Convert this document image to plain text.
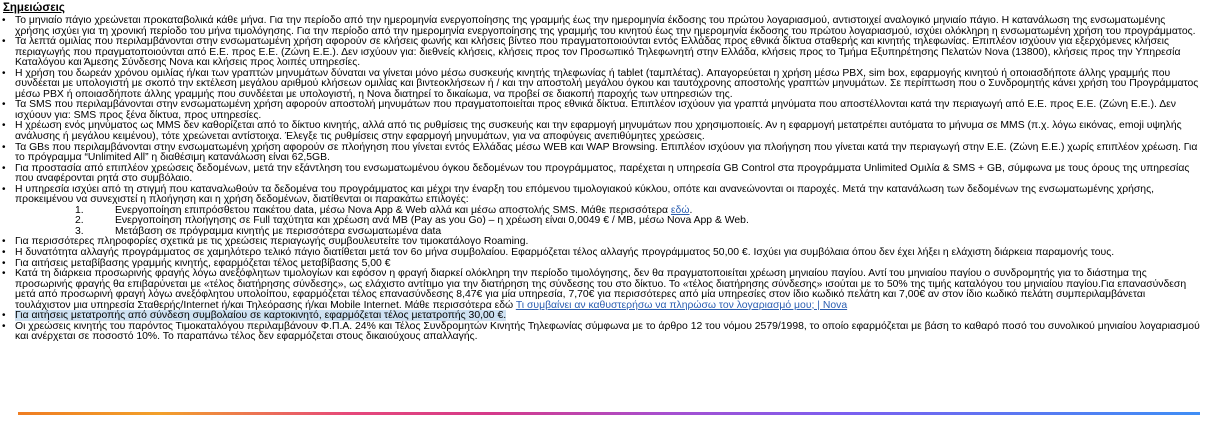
Σημειώσεις
• Το μηνιαίο πάγιο χρεώνεται προκαταβολικά κάθε μήνα. Για την περίοδο από την ημερομηνία ενεργοποίησης της γραμμής έως την ημερομηνία έκδοσης του πρώτου λογαριασμού, αντιστοιχεί αναλογικό μηνιαίο πάγιο. Η κατανάλωση της ενσωματωμένης χρήσης ισχύει για τη χρονική περίοδο του μήνα τιμολόγησης. Για την περίοδο από την ημερομηνία ενεργοποίησης της γραμμής του κινητού έως την ημερομηνία έκδοσης του πρώτου λογαριασμού, ισχύει ολόκληρη η ενσωματωμένη χρήση του προγράμματος.
• Τα λεπτά ομιλίας που περιλαμβάνονται στην ενσωματωμένη χρήση αφορούν σε κλήσεις φωνής και κλήσεις βίντεο που πραγματοποιούνται εντός Ελλάδας προς εθνικά δίκτυα σταθερής και κινητής τηλεφωνίας. Επιπλέον ισχύουν για εξερχόμενες κλήσεις περιαγωγής που πραγματοποιούνται από Ε.Ε. προς Ε.Ε. (Ζώνη Ε.Ε.). Δεν ισχύουν για: διεθνείς κλήσεις, κλήσεις προς τον Προσωπικό Τηλεφωνητή στην Ελλάδα, κλήσεις προς το Τμήμα Εξυπηρέτησης Πελατών Nova (13800), κλήσεις προς την Υπηρεσία Καταλόγου και Άμεσης Σύνδεσης Nova και κλήσεις προς λοιπές υπηρεσίες.
• Η χρήση του δωρεάν χρόνου ομιλίας ή/και των γραπτών μηνυμάτων δύναται να γίνεται μόνο μέσω συσκευής κινητής τηλεφωνίας ή tablet (ταμπλέτας). Απαγορεύεται η χρήση μέσω PBX, sim box, εφαρμογής κινητού ή οποιασδήποτε άλλης γραμμής που συνδέεται με υπολογιστή με σκοπό την εκτέλεση μεγάλου αριθμού κλήσεων ομιλίας και βιντεοκλήσεων ή / και την αποστολή μεγάλου όγκου και ταυτόχρονης αποστολής γραπτών μηνυμάτων. Σε περίπτωση που ο Συνδρομητής κάνει χρήση του Προγράμματος μέσω PBX ή οποιασδήποτε άλλης γραμμής που συνδέεται με υπολογιστή, η Nova διατηρεί το δικαίωμα, να προβεί σε διακοπή παροχής των υπηρεσιών της.
• Τα SMS που περιλαμβάνονται στην ενσωματωμένη χρήση αφορούν αποστολή μηνυμάτων που πραγματοποιείται προς εθνικά δίκτυα. Επιπλέον ισχύουν για γραπτά μηνύματα που αποστέλλονται κατά την περιαγωγή από Ε.Ε. προς Ε.Ε. (Ζώνη Ε.Ε.). Δεν ισχύουν για: SMS προς ξένα δίκτυα, προς υπηρεσίες.
• Η χρέωση ενός μηνύματος ως MMS δεν καθορίζεται από το δίκτυο κινητής, αλλά από τις ρυθμίσεις της συσκευής και την εφαρμογή μηνυμάτων που χρησιμοποιείς. Αν η εφαρμογή μετατρέπει αυτόματα το μήνυμα σε MMS (π.χ. λόγω εικόνας, emoji υψηλής ανάλυσης ή μεγάλου κειμένου), τότε χρεώνεται αντίστοιχα. Έλεγξε τις ρυθμίσεις στην εφαρμογή μηνυμάτων, για να αποφύγεις ανεπιθύμητες χρεώσεις.
• Τα GBs που περιλαμβάνονται στην ενσωματωμένη χρήση αφορούν σε πλοήγηση που γίνεται εντός Ελλάδας μέσω WEB και WAP Browsing. Επιπλέον ισχύουν για πλοήγηση που γίνεται κατά την περιαγωγή στην Ε.Ε. (Ζώνη Ε.Ε.) χωρίς επιπλέον χρέωση. Για το πρόγραμμα “Unlimited All” η διαθέσιμη κατανάλωση είναι 62,5GB.
• Για προστασία από επιπλέον χρεώσεις δεδομένων, μετά την εξάντληση του ενσωματωμένου όγκου δεδομένων του προγράμματος, παρέχεται η υπηρεσία GB Control στα προγράμματα Unlimited Ομιλία & SMS + GB, σύμφωνα με τους όρους της υπηρεσίας που αναφέρονται ρητά στο συμβόλαιο.
• Η υπηρεσία ισχύει από τη στιγμή που καταναλωθούν τα δεδομένα του προγράμματος και μέχρι την έναρξη του επόμενου τιμολογιακού κύκλου, οπότε και ανανεώνονται οι παροχές. Μετά την κατανάλωση των δεδομένων της ενσωματωμένης χρήσης, προκειμένου να συνεχιστεί η πλοήγηση και η χρήση δεδομένων, διατίθενται οι παρακάτω επιλογές:
1.	Ενεργοποίηση επιπρόσθετου πακέτου data, μέσω Nova App & Web αλλά και μέσω αποστολής SMS. Μάθε περισσότερα εδώ.
2.	Ενεργοποίηση πλοήγησης σε Full ταχύτητα και χρέωση ανά MB (Pay as you Go) – η χρέωση είναι 0,0049 € / MB, μέσω Nova App & Web.
3.	Μετάβαση σε πρόγραμμα κινητής με περισσότερα ενσωματωμένα data
• Για περισσότερες πληροφορίες σχετικά με τις χρεώσεις περιαγωγής συμβουλευτείτε τον τιμοκατάλογο Roaming.
• Η δυνατότητα αλλαγής προγράμματος σε χαμηλότερο τελικό πάγιο διατίθεται μετά τον 6ο μήνα συμβολαίου. Εφαρμόζεται τέλος αλλαγής προγράμματος 50,00 €. Ισχύει για συμβόλαια όπου δεν έχει λήξει η ελάχιστη διάρκεια παραμονής τους.
• Για αιτήσεις μεταβίβασης γραμμής κινητής, εφαρμόζεται τέλος μεταβίβασης 5,00 €
• Κατά τη διάρκεια προσωρινής φραγής λόγω ανεξόφλητων τιμολογίων και εφόσον η φραγή διαρκεί ολόκληρη την περίοδο τιμολόγησης, δεν θα πραγματοποιείται χρέωση μηνιαίου παγίου. Αντί του μηνιαίου παγίου ο συνδρομητής για το διάστημα της προσωρινής φραγής θα επιβαρύνεται με «τέλος διατήρησης σύνδεσης», ως ελάχιστο αντίτιμο για την διατήρηση της σύνδεσης του στο δίκτυο. Το «τέλος διατήρησης σύνδεσης» ισούται με το 50% της τιμής καταλόγου του μηνιαίου παγίου.Για επανασύνδεση μετά από προσωρινή φραγή λόγω ανεξόφλητου υπολοίπου, εφαρμόζεται τέλος επανασύνδεσης 8,47€ για μία υπηρεσία, 7,70€ για περισσότερες από μία υπηρεσίες στον ίδιο κωδικό πελάτη και 7,00€ αν στον ίδιο κωδικό πελάτη συμπεριλαμβάνεται τουλάχιστον μια υπηρεσία Σταθερής/Internet ή/και Τηλεόρασης ή/και Mobile Internet. Μάθε περισσότερα εδώ Τι συμβαίνει αν καθυστερήσω να πληρώσω τον λογαριασμό μου; | Nova
• Για αιτήσεις μετατροπής από σύνδεση συμβολαίου σε καρτοκινητό, εφαρμόζεται τέλος μετατροπής 30,00 €.
• Οι χρεώσεις κινητής του παρόντος Τιμοκαταλόγου περιλαμβάνουν Φ.Π.Α. 24% και Τέλος Συνδρομητών Κινητής Τηλεφωνίας σύμφωνα με το άρθρο 12 του νόμου 2579/1998, το οποίο εφαρμόζεται με βάση το καθαρό ποσό του συνολικού μηνιαίου λογαριασμού και ανέρχεται σε ποσοστό 10%. Το παραπάνω τέλος δεν εφαρμόζεται στους δικαιούχους απαλλαγής.
